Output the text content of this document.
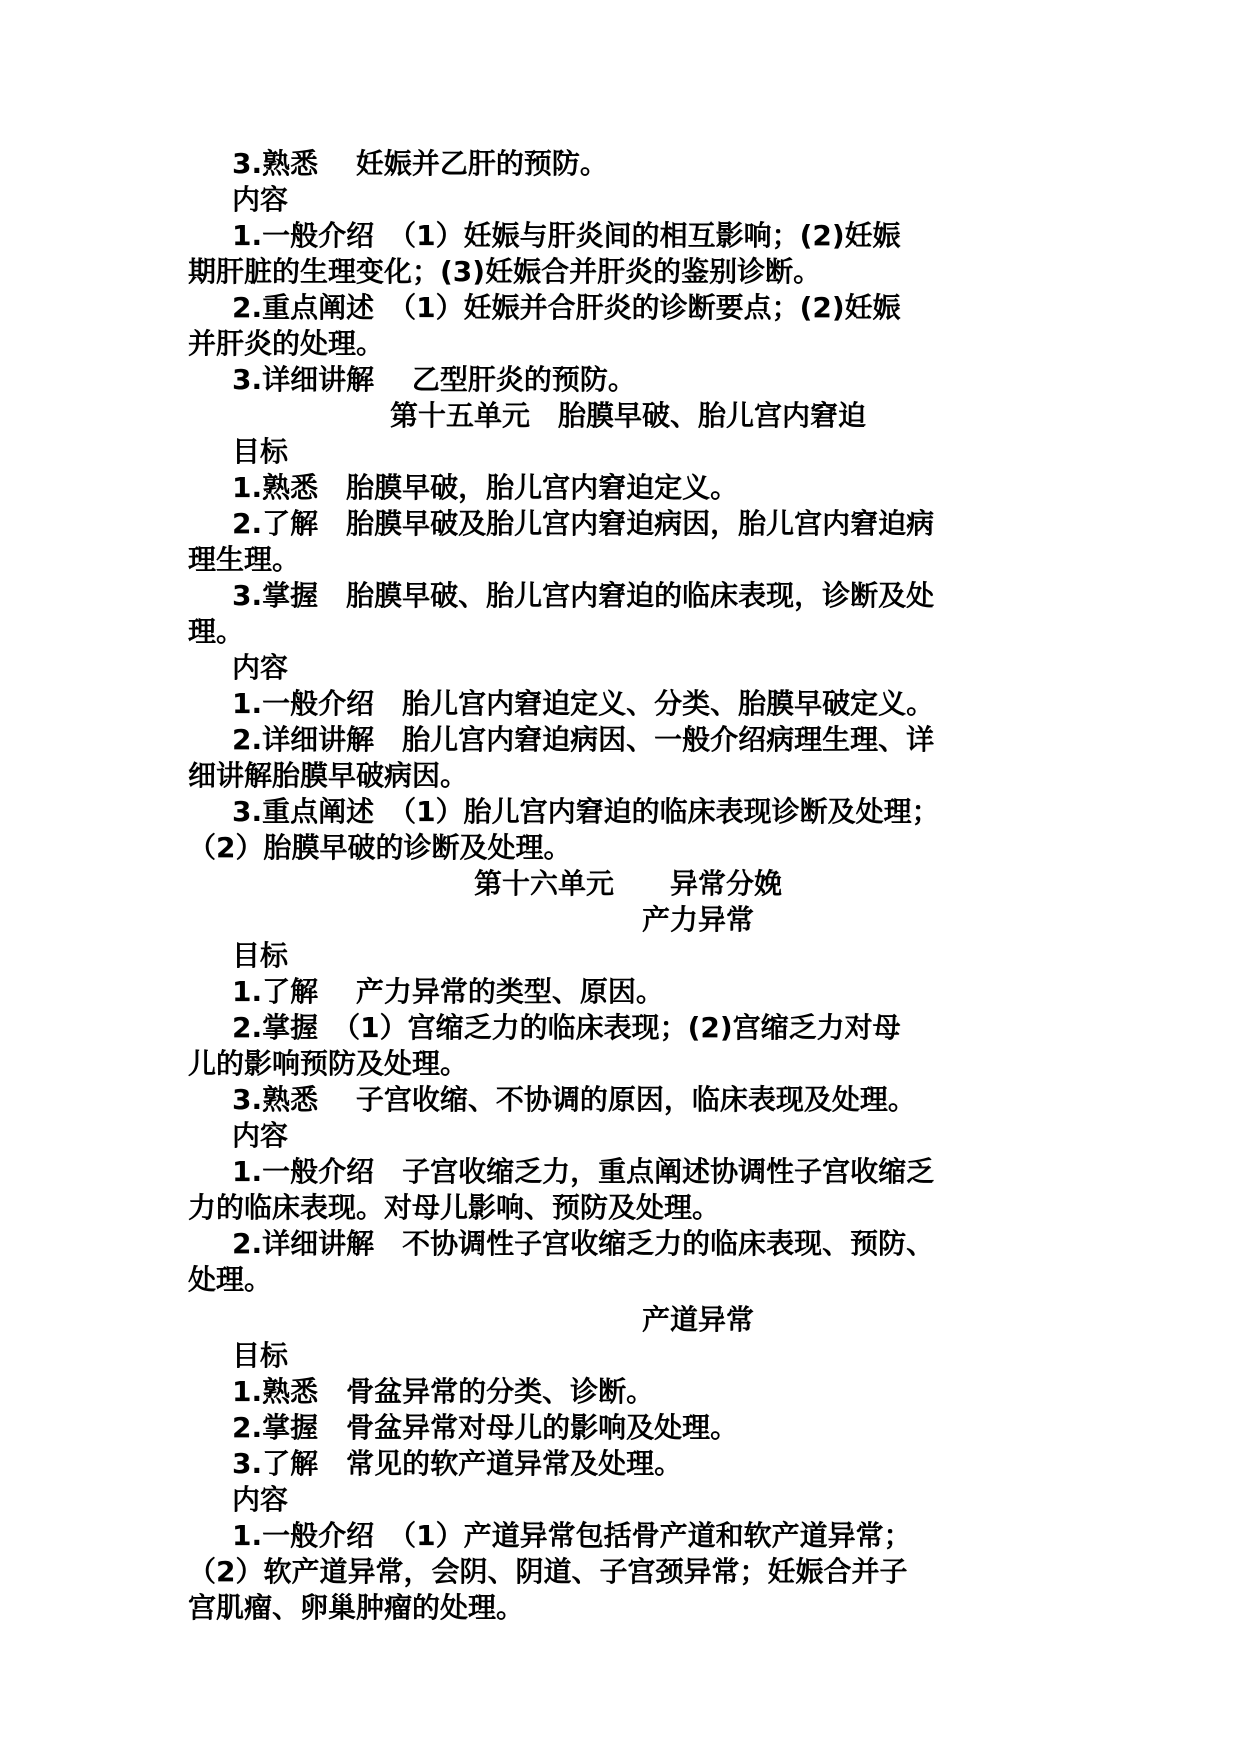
3.熟悉　 妊娠并乙肝的预防。

内容

1.一般介绍　（1）妊娠与肝炎间的相互影响；(2)妊娠

期肝脏的生理变化；(3)妊娠合并肝炎的鉴别诊断。

2.重点阐述　（1）妊娠并合肝炎的诊断要点；(2)妊娠

并肝炎的处理。

3.详细讲解　 乙型肝炎的预防。

第十五单元　胎膜早破、胎儿宫内窘迫

目标

1.熟悉　胎膜早破，胎儿宫内窘迫定义。

2.了解　胎膜早破及胎儿宫内窘迫病因，胎儿宫内窘迫病

理生理。

3.掌握　胎膜早破、胎儿宫内窘迫的临床表现，诊断及处

理。

内容

1.一般介绍　胎儿宫内窘迫定义、分类、胎膜早破定义。

2.详细讲解　胎儿宫内窘迫病因、一般介绍病理生理、详

细讲解胎膜早破病因。

3.重点阐述　（1）胎儿宫内窘迫的临床表现诊断及处理；

（2）胎膜早破的诊断及处理。

第十六单元　　异常分娩

产力异常

目标

1.了解　 产力异常的类型、原因。

2.掌握　（1）宫缩乏力的临床表现；(2)宫缩乏力对母

儿的影响预防及处理。

3.熟悉　 子宫收缩、不协调的原因，临床表现及处理。

内容

1.一般介绍　子宫收缩乏力，重点阐述协调性子宫收缩乏

力的临床表现。对母儿影响、预防及处理。

2.详细讲解　不协调性子宫收缩乏力的临床表现、预防、

处理。

产道异常

目标

1.熟悉　骨盆异常的分类、诊断。

2.掌握　骨盆异常对母儿的影响及处理。

3.了解　常见的软产道异常及处理。

内容

1.一般介绍　（1）产道异常包括骨产道和软产道异常；

（2）软产道异常，会阴、阴道、子宫颈异常；妊娠合并子

宫肌瘤、卵巢肿瘤的处理。
